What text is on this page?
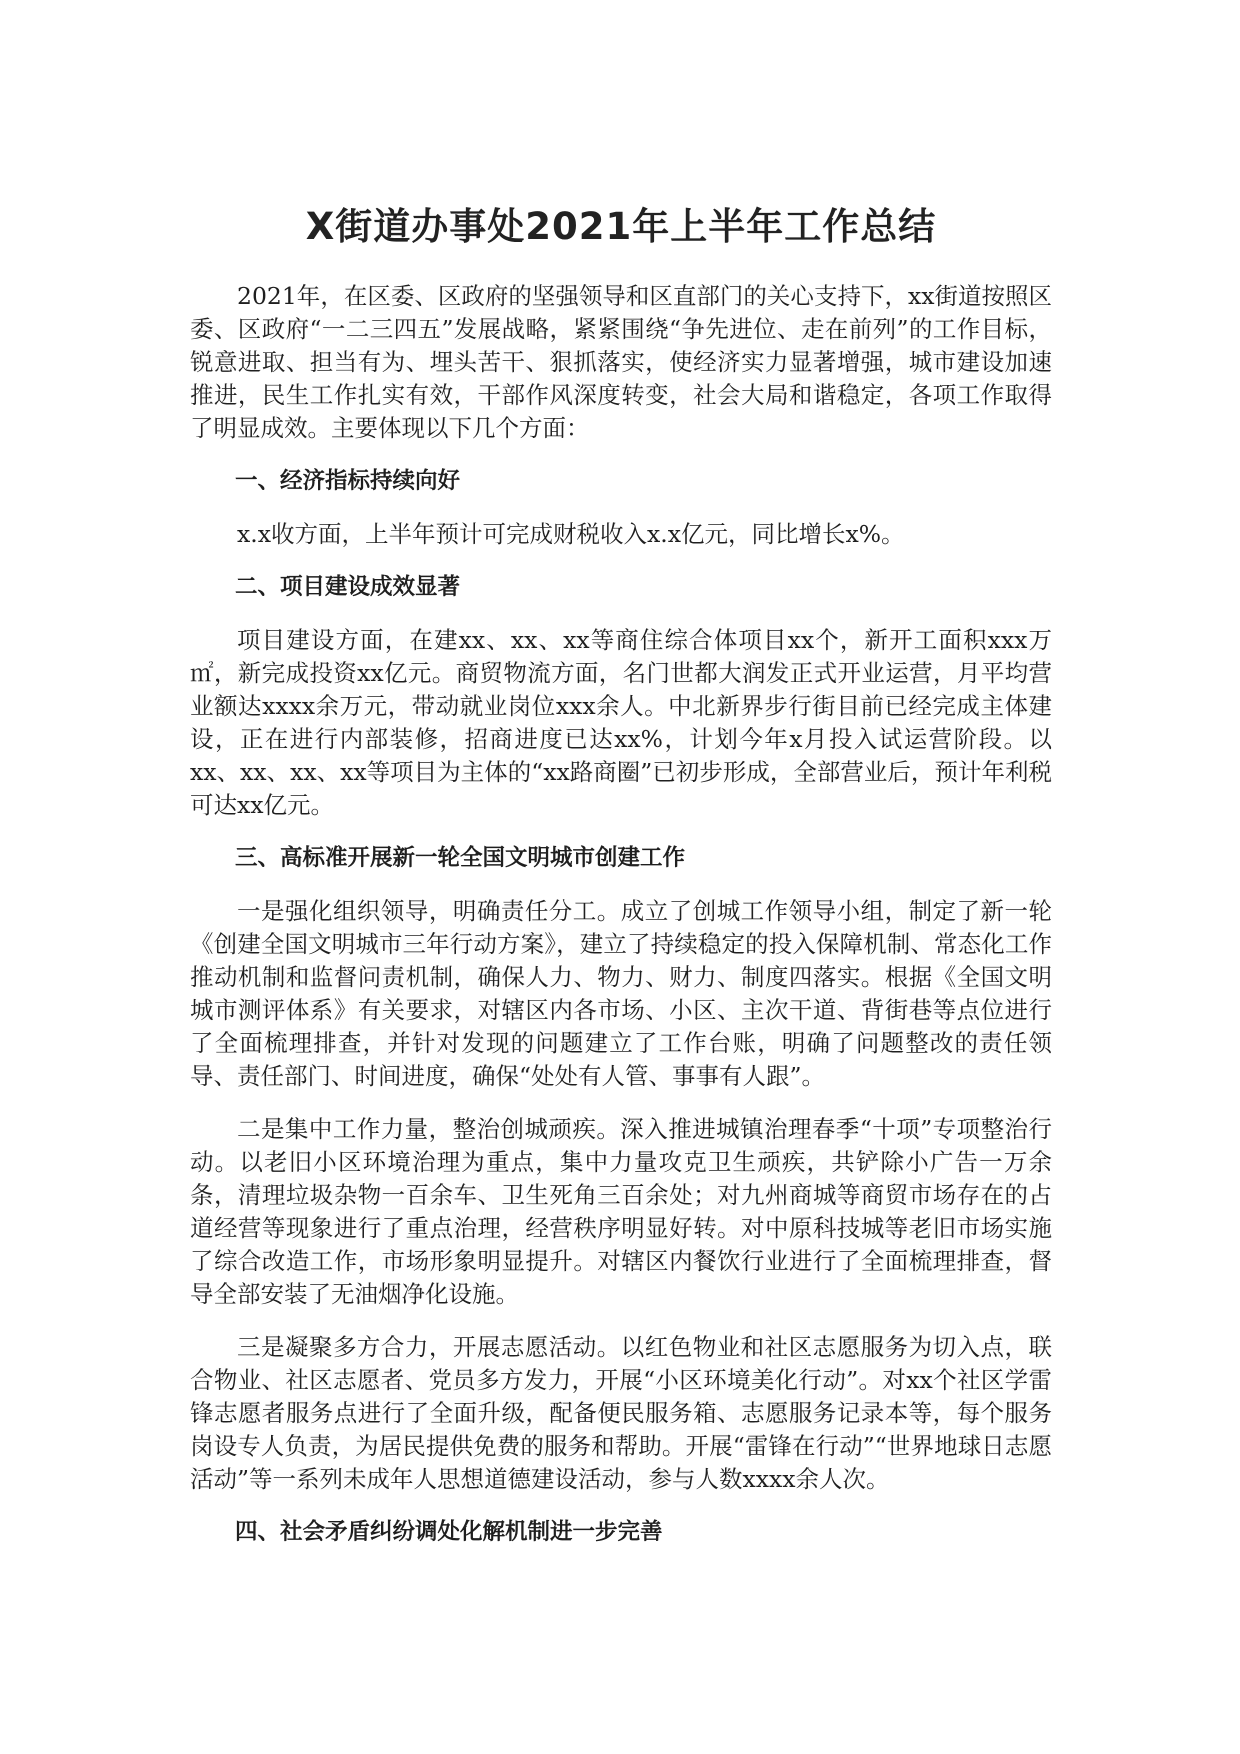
X街道办事处2021年上半年工作总结

2021年，在区委、区政府的坚强领导和区直部门的关心支持下，xx街道按照区委、区政府“一二三四五”发展战略，紧紧围绕“争先进位、走在前列”的工作目标，锐意进取、担当有为、埋头苦干、狠抓落实，使经济实力显著增强，城市建设加速推进，民生工作扎实有效，干部作风深度转变，社会大局和谐稳定，各项工作取得了明显成效。主要体现以下几个方面：

一、经济指标持续向好

x.x收方面，上半年预计可完成财税收入x.x亿元，同比增长x%。

二、项目建设成效显著

项目建设方面，在建xx、xx、xx等商住综合体项目xx个，新开工面积xxx万㎡，新完成投资xx亿元。商贸物流方面，名门世都大润发正式开业运营，月平均营业额达xxxx余万元，带动就业岗位xxx余人。中北新界步行街目前已经完成主体建设，正在进行内部装修，招商进度已达xx%，计划今年x月投入试运营阶段。以xx、xx、xx、xx等项目为主体的“xx路商圈”已初步形成，全部营业后，预计年利税可达xx亿元。

三、高标准开展新一轮全国文明城市创建工作

一是强化组织领导，明确责任分工。成立了创城工作领导小组，制定了新一轮《创建全国文明城市三年行动方案》，建立了持续稳定的投入保障机制、常态化工作推动机制和监督问责机制，确保人力、物力、财力、制度四落实。根据《全国文明城市测评体系》有关要求，对辖区内各市场、小区、主次干道、背街巷等点位进行了全面梳理排查，并针对发现的问题建立了工作台账，明确了问题整改的责任领导、责任部门、时间进度，确保“处处有人管、事事有人跟”。

二是集中工作力量，整治创城顽疾。深入推进城镇治理春季“十项”专项整治行动。以老旧小区环境治理为重点，集中力量攻克卫生顽疾，共铲除小广告一万余条，清理垃圾杂物一百余车、卫生死角三百余处；对九州商城等商贸市场存在的占道经营等现象进行了重点治理，经营秩序明显好转。对中原科技城等老旧市场实施了综合改造工作，市场形象明显提升。对辖区内餐饮行业进行了全面梳理排查，督导全部安装了无油烟净化设施。

三是凝聚多方合力，开展志愿活动。以红色物业和社区志愿服务为切入点，联合物业、社区志愿者、党员多方发力，开展“小区环境美化行动”。对xx个社区学雷锋志愿者服务点进行了全面升级，配备便民服务箱、志愿服务记录本等，每个服务岗设专人负责，为居民提供免费的服务和帮助。开展“雷锋在行动”“世界地球日志愿活动”等一系列未成年人思想道德建设活动，参与人数xxxx余人次。

四、社会矛盾纠纷调处化解机制进一步完善
